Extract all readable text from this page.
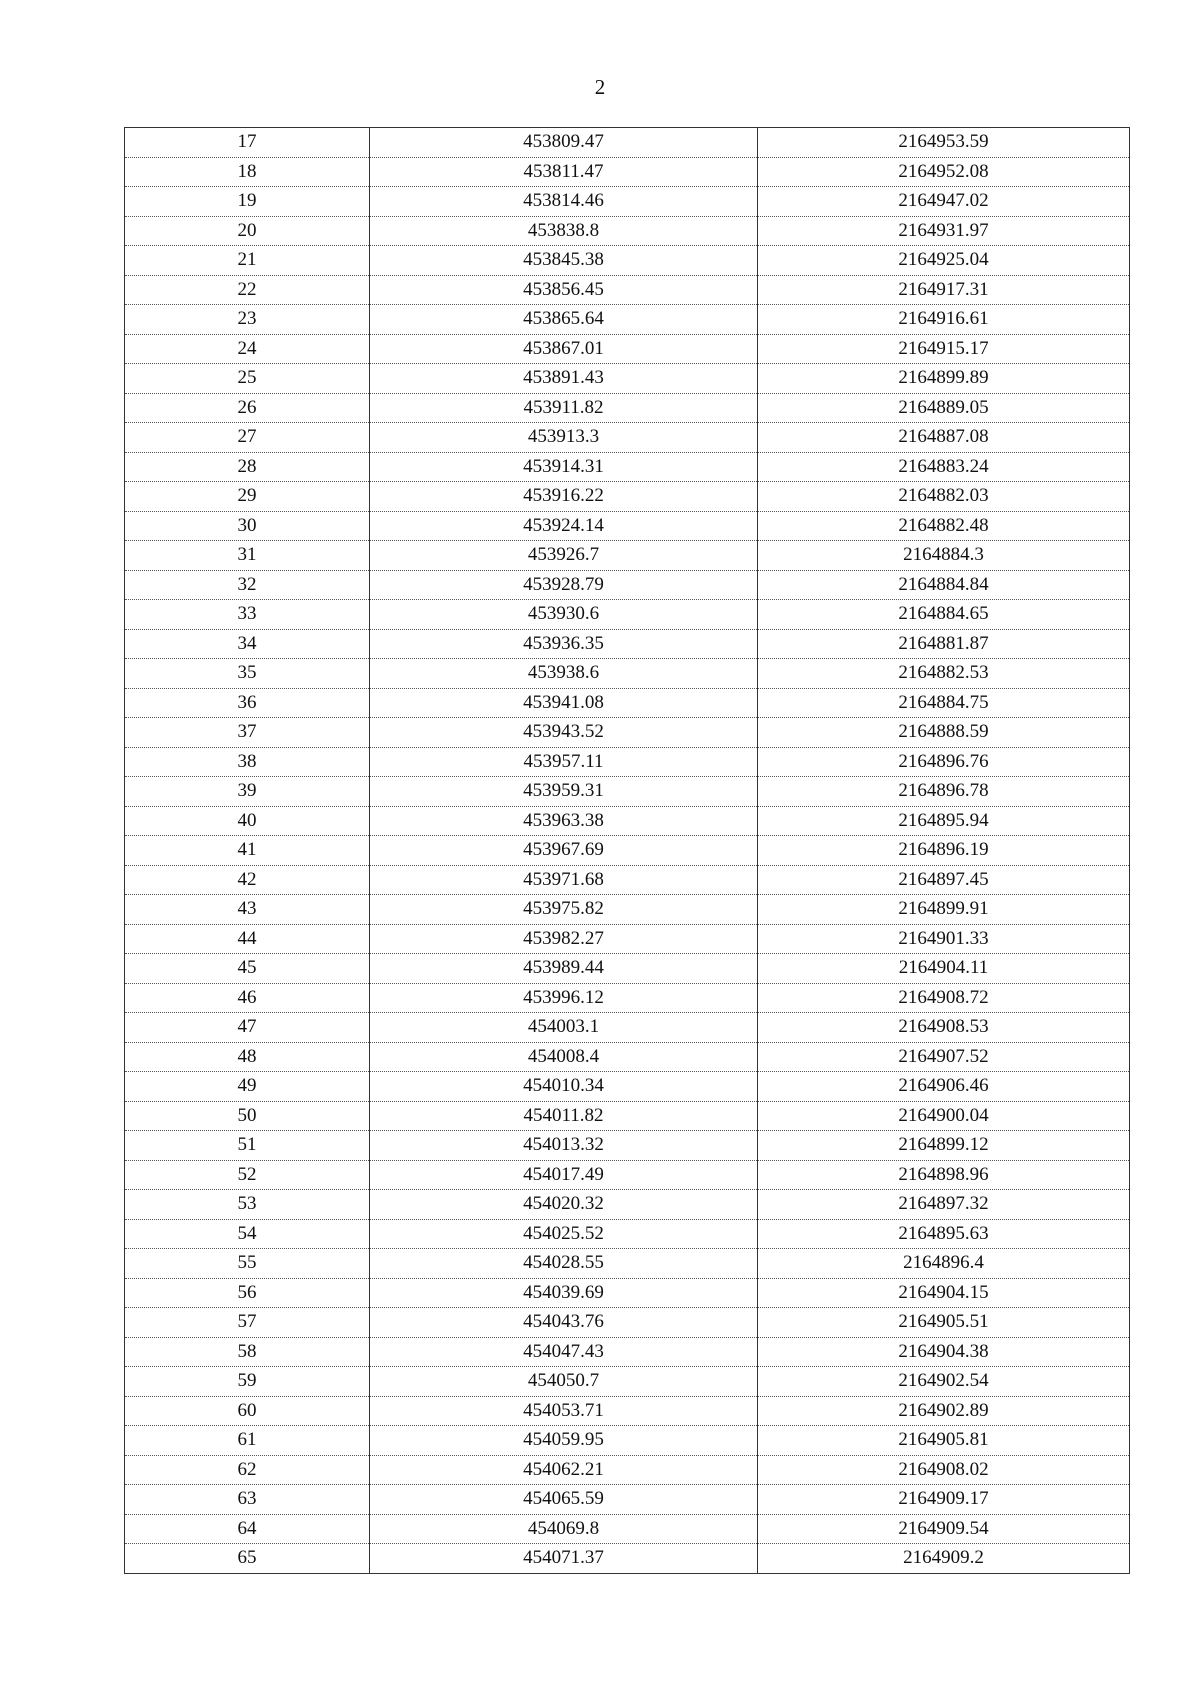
2
17	453809.47	2164953.59
18	453811.47	2164952.08
19	453814.46	2164947.02
20	453838.8	2164931.97
21	453845.38	2164925.04
22	453856.45	2164917.31
23	453865.64	2164916.61
24	453867.01	2164915.17
25	453891.43	2164899.89
26	453911.82	2164889.05
27	453913.3	2164887.08
28	453914.31	2164883.24
29	453916.22	2164882.03
30	453924.14	2164882.48
31	453926.7	2164884.3
32	453928.79	2164884.84
33	453930.6	2164884.65
34	453936.35	2164881.87
35	453938.6	2164882.53
36	453941.08	2164884.75
37	453943.52	2164888.59
38	453957.11	2164896.76
39	453959.31	2164896.78
40	453963.38	2164895.94
41	453967.69	2164896.19
42	453971.68	2164897.45
43	453975.82	2164899.91
44	453982.27	2164901.33
45	453989.44	2164904.11
46	453996.12	2164908.72
47	454003.1	2164908.53
48	454008.4	2164907.52
49	454010.34	2164906.46
50	454011.82	2164900.04
51	454013.32	2164899.12
52	454017.49	2164898.96
53	454020.32	2164897.32
54	454025.52	2164895.63
55	454028.55	2164896.4
56	454039.69	2164904.15
57	454043.76	2164905.51
58	454047.43	2164904.38
59	454050.7	2164902.54
60	454053.71	2164902.89
61	454059.95	2164905.81
62	454062.21	2164908.02
63	454065.59	2164909.17
64	454069.8	2164909.54
65	454071.37	2164909.2
